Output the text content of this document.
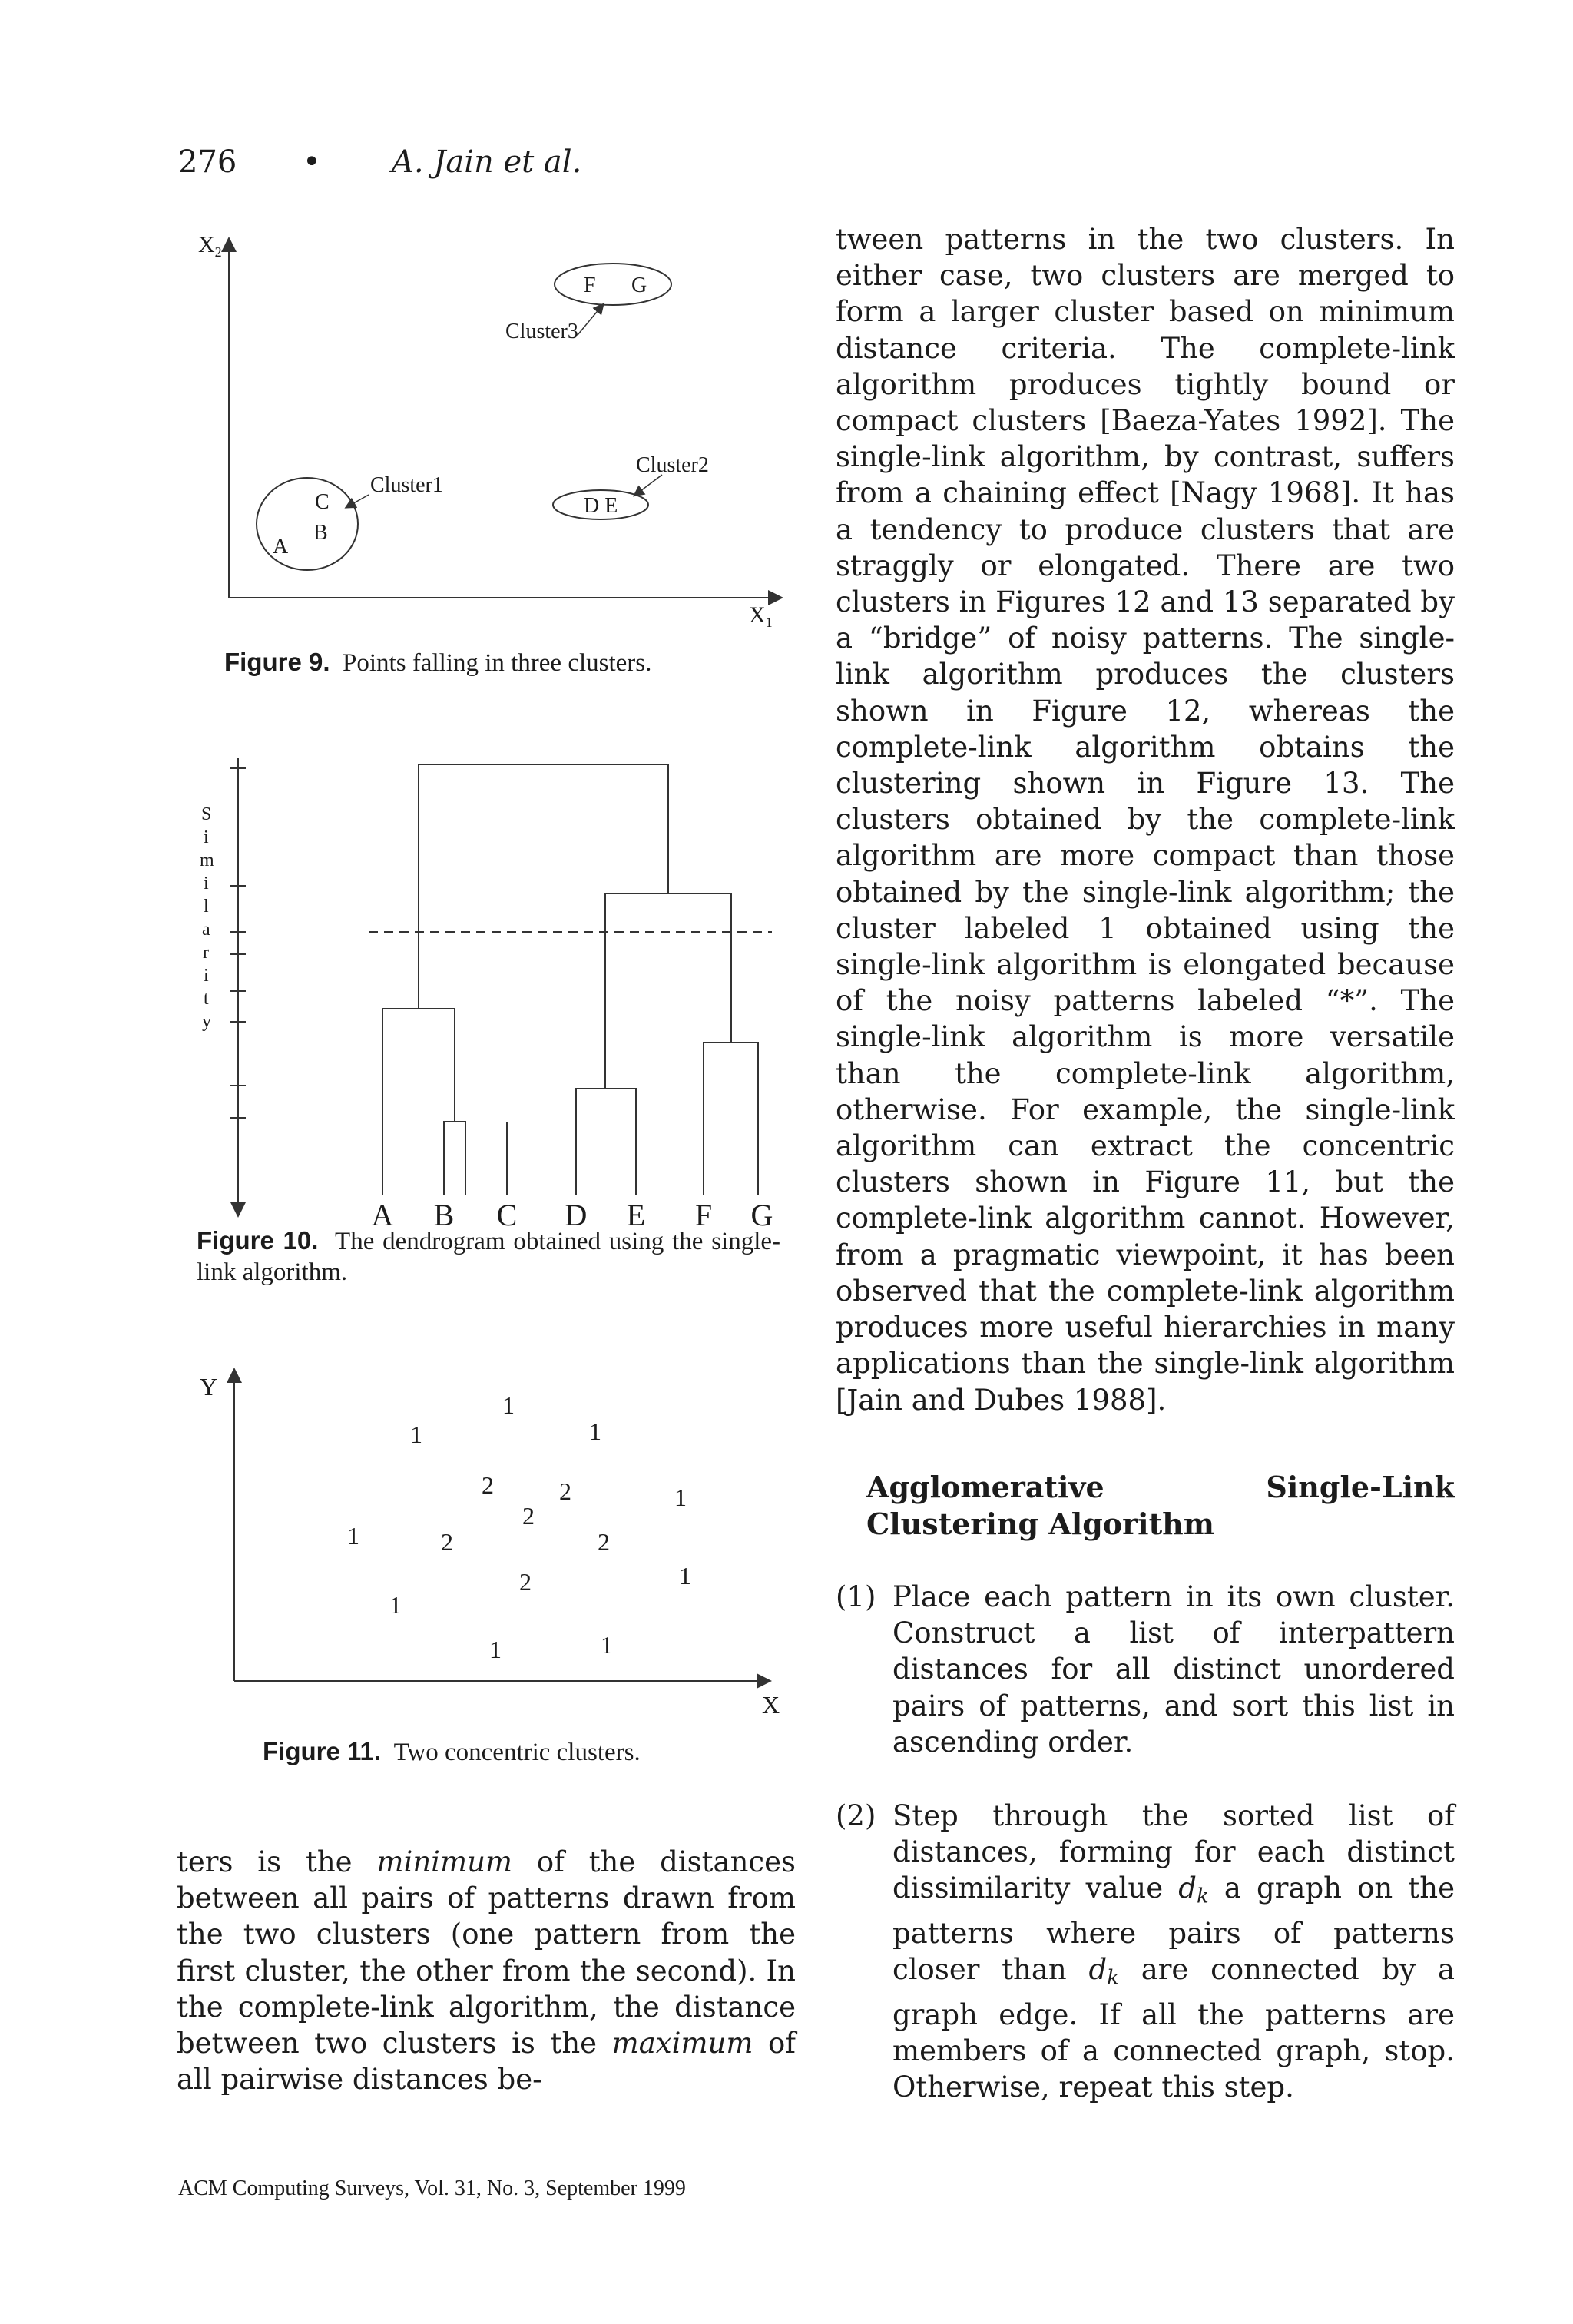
276 • A. Jain et al.
$X_2$
$X_1$
A
B
C
Cluster1
D E
Cluster2
F G
Cluster3
Figure 9. Points falling in three clusters.
S
i
m
i
l
a
r
i
t
y
A B C D E F G
Figure 10. The dendrogram obtained using the single-link algorithm.
Y
X
1
1	1
2	2	1
2
1	2	2
2	1
1
1	1
Figure 11. Two concentric clusters.
ters is the minimum of the distances between all pairs of patterns drawn from the two clusters (one pattern from the first cluster, the other from the second). In the complete-link algorithm, the distance between two clusters is the maximum of all pairwise distances be-
tween patterns in the two clusters. In either case, two clusters are merged to form a larger cluster based on minimum distance criteria. The complete-link algorithm produces tightly bound or compact clusters [Baeza-Yates 1992]. The single-link algorithm, by contrast, suffers from a chaining effect [Nagy 1968]. It has a tendency to produce clusters that are straggly or elongated. There are two clusters in Figures 12 and 13 separated by a “bridge” of noisy patterns. The single-link algorithm produces the clusters shown in Figure 12, whereas the complete-link algorithm obtains the clustering shown in Figure 13. The clusters obtained by the complete-link algorithm are more compact than those obtained by the single-link algorithm; the cluster labeled 1 obtained using the single-link algorithm is elongated because of the noisy patterns labeled “*”. The single-link algorithm is more versatile than the complete-link algorithm, otherwise. For example, the single-link algorithm can extract the concentric clusters shown in Figure 11, but the complete-link algorithm cannot. However, from a pragmatic viewpoint, it has been observed that the complete-link algorithm produces more useful hierarchies in many applications than the single-link algorithm [Jain and Dubes 1988].
Agglomerative Single-Link Clustering Algorithm
(1) Place each pattern in its own cluster. Construct a list of interpattern distances for all distinct unordered pairs of patterns, and sort this list in ascending order.
(2) Step through the sorted list of distances, forming for each distinct dissimilarity value $d_k$ a graph on the patterns where pairs of patterns closer than $d_k$ are connected by a graph edge. If all the patterns are members of a connected graph, stop. Otherwise, repeat this step.
ACM Computing Surveys, Vol. 31, No. 3, September 1999
